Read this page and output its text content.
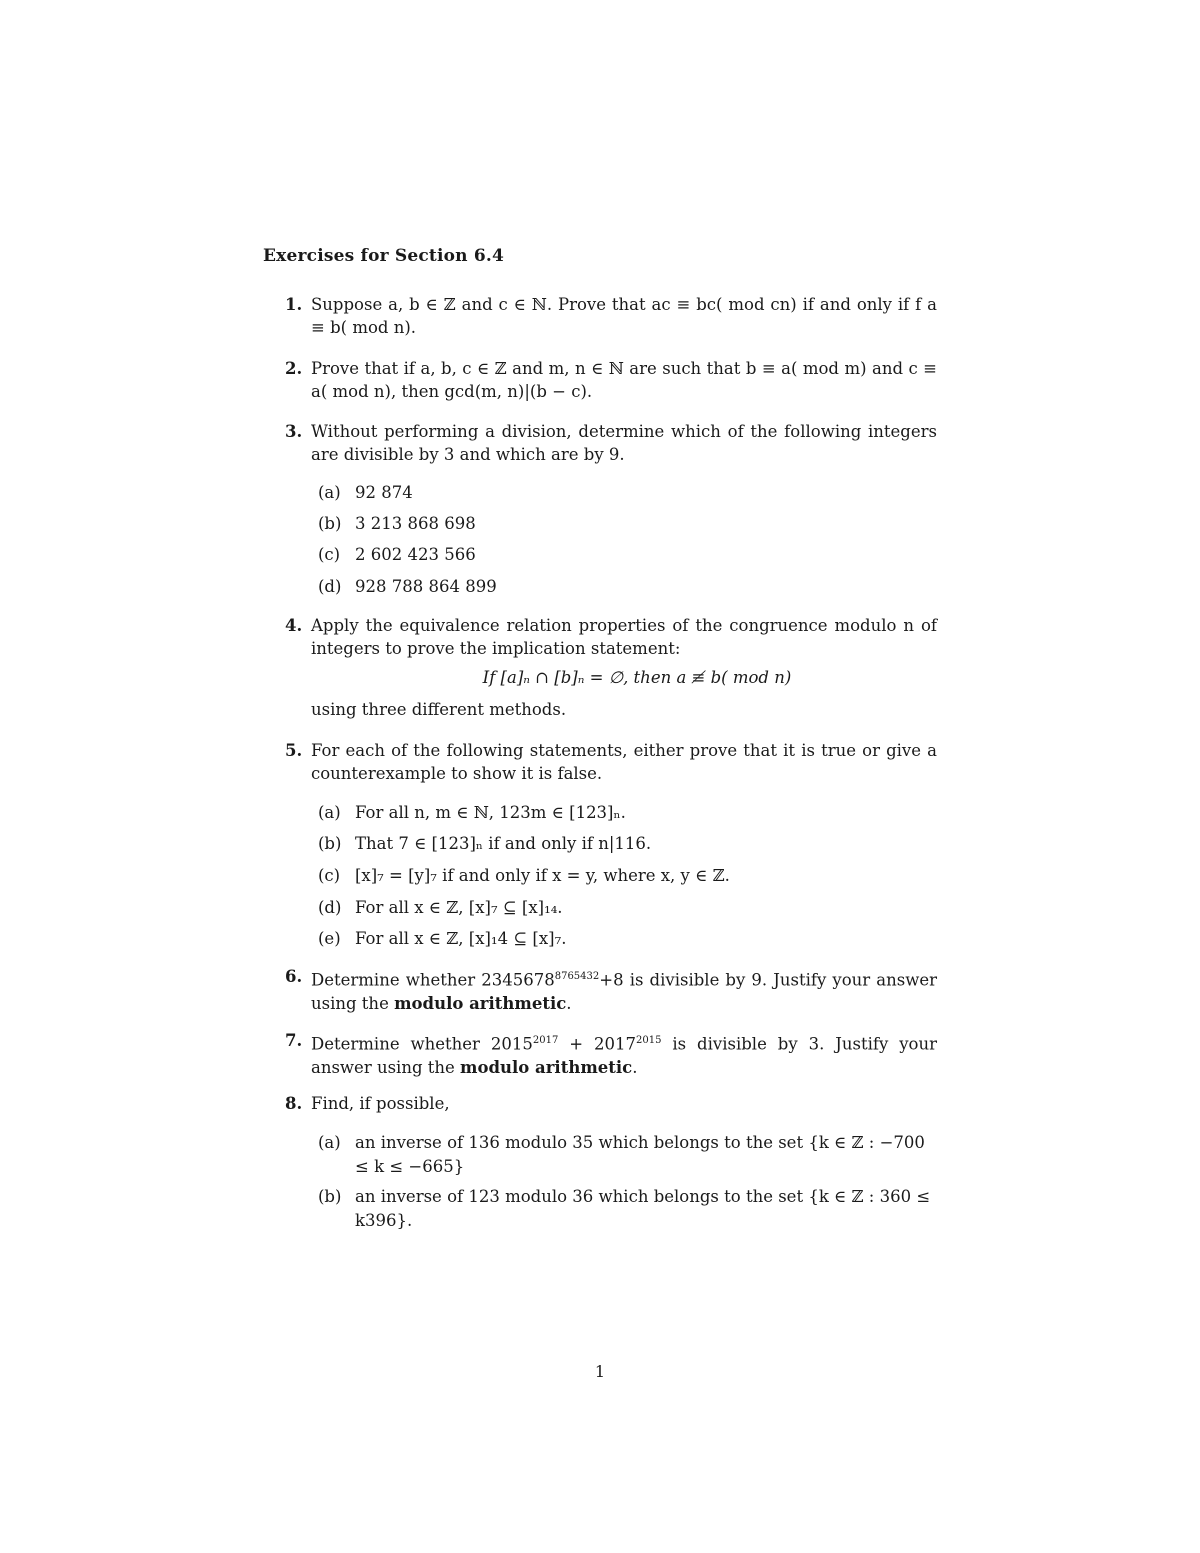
Exercises for Section 6.4
1. Suppose a, b ∈ ℤ and c ∈ ℕ. Prove that ac ≡ bc( mod cn) if and only if f a ≡ b( mod n).
2. Prove that if a, b, c ∈ ℤ and m, n ∈ ℕ are such that b ≡ a( mod m) and c ≡ a( mod n), then gcd(m, n)|(b − c).
3. Without performing a division, determine which of the following integers are divisible by 3 and which are by 9.
(a) 92 874
(b) 3 213 868 698
(c) 2 602 423 566
(d) 928 788 864 899
4. Apply the equivalence relation properties of the congruence modulo n of integers to prove the implication statement:
If [a]ₙ ∩ [b]ₙ = ∅, then a ≢ b( mod n)
using three different methods.
5. For each of the following statements, either prove that it is true or give a counterexample to show it is false.
(a) For all n, m ∈ ℕ, 123m ∈ [123]ₙ.
(b) That 7 ∈ [123]ₙ if and only if n|116.
(c) [x]₇ = [y]₇ if and only if x = y, where x, y ∈ ℤ.
(d) For all x ∈ ℤ, [x]₇ ⊆ [x]₁₄.
(e) For all x ∈ ℤ, [x]₁4 ⊆ [x]₇.
6. Determine whether $2345678^{8765432}+8$ is divisible by 9. Justify your answer using the modulo arithmetic.
7. Determine whether $2015^{2017} + 2017^{2015}$ is divisible by 3. Justify your answer using the modulo arithmetic.
8. Find, if possible,
(a) an inverse of 136 modulo 35 which belongs to the set {k ∈ ℤ : −700 ≤ k ≤ −665}
(b) an inverse of 123 modulo 36 which belongs to the set {k ∈ ℤ : 360 ≤ k396}.
1
